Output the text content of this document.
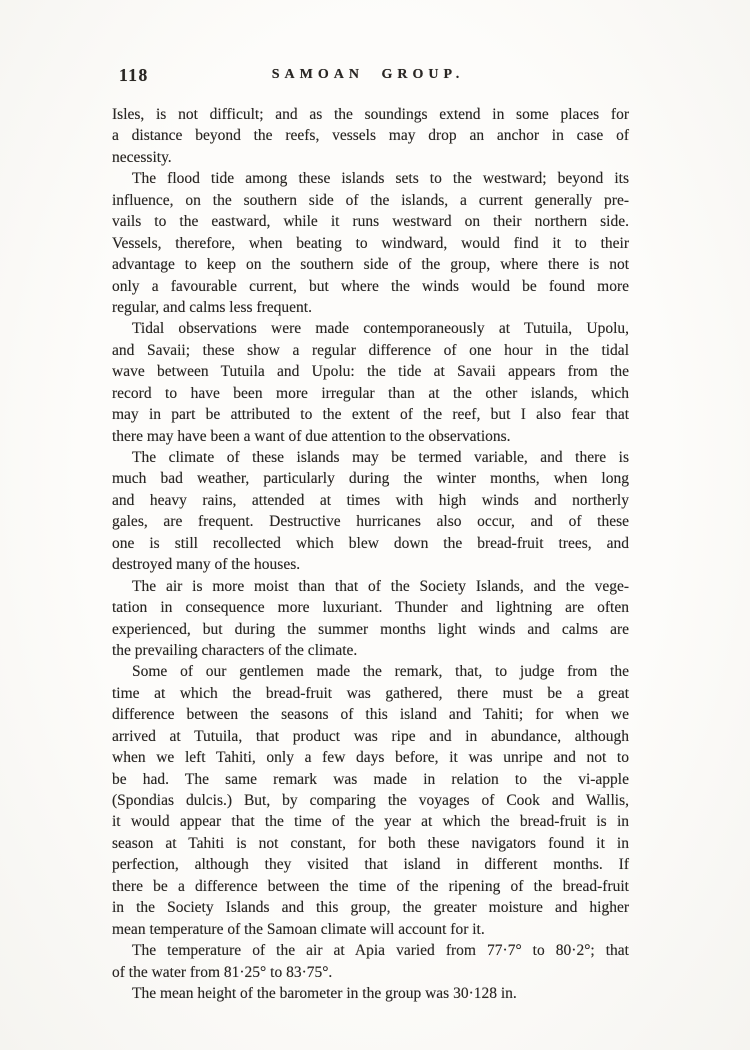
118	SAMOAN GROUP.

Isles, is not difficult; and as the soundings extend in some places for
a distance beyond the reefs, vessels may drop an anchor in case of
necessity.

The flood tide among these islands sets to the westward; beyond its
influence, on the southern side of the islands, a current generally pre-
vails to the eastward, while it runs westward on their northern side.
Vessels, therefore, when beating to windward, would find it to their
advantage to keep on the southern side of the group, where there is not
only a favourable current, but where the winds would be found more
regular, and calms less frequent.

Tidal observations were made contemporaneously at Tutuila, Upolu,
and Savaii; these show a regular difference of one hour in the tidal
wave between Tutuila and Upolu: the tide at Savaii appears from the
record to have been more irregular than at the other islands, which
may in part be attributed to the extent of the reef, but I also fear that
there may have been a want of due attention to the observations.

The climate of these islands may be termed variable, and there is
much bad weather, particularly during the winter months, when long
and heavy rains, attended at times with high winds and northerly
gales, are frequent. Destructive hurricanes also occur, and of these
one is still recollected which blew down the bread-fruit trees, and
destroyed many of the houses.

The air is more moist than that of the Society Islands, and the vege-
tation in consequence more luxuriant. Thunder and lightning are often
experienced, but during the summer months light winds and calms are
the prevailing characters of the climate.

Some of our gentlemen made the remark, that, to judge from the
time at which the bread-fruit was gathered, there must be a great
difference between the seasons of this island and Tahiti; for when we
arrived at Tutuila, that product was ripe and in abundance, although
when we left Tahiti, only a few days before, it was unripe and not to
be had. The same remark was made in relation to the vi-apple
(Spondias dulcis.) But, by comparing the voyages of Cook and Wallis,
it would appear that the time of the year at which the bread-fruit is in
season at Tahiti is not constant, for both these navigators found it in
perfection, although they visited that island in different months. If
there be a difference between the time of the ripening of the bread-fruit
in the Society Islands and this group, the greater moisture and higher
mean temperature of the Samoan climate will account for it.

The temperature of the air at Apia varied from 77·7° to 80·2°; that
of the water from 81·25° to 83·75°.

The mean height of the barometer in the group was 30·128 in.
